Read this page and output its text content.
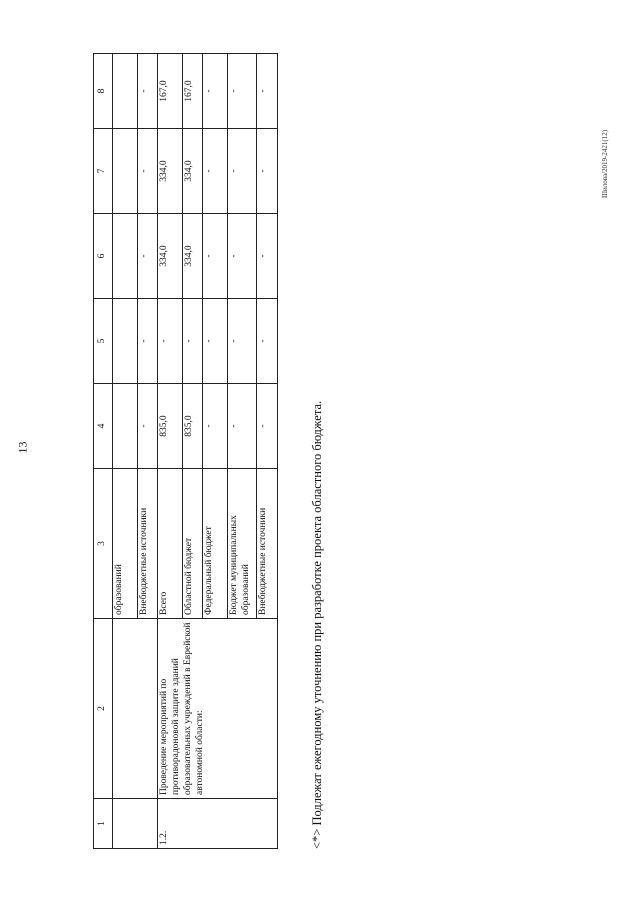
13
1	2	3	4	5	6	7	8
		образований					
		Внебюджетные источники	-	-	-	-	-
1.2.	Проведение мероприятий по противорадоновой защите зданий образовательных учреждений в Еврейской автономной области:	Всего	835,0	-	334,0	334,0	167,0
		Областной бюджет	835,0	-	334,0	334,0	167,0
		Федеральный бюджет	-	-	-	-	-
		Бюджет муниципальных образований	-	-	-	-	-
		Внебюджетные источники	-	-	-	-	-
<*> Подлежат ежегодному уточнению при разработке проекта областного бюджета.
Шилова/2019-2421(12)
